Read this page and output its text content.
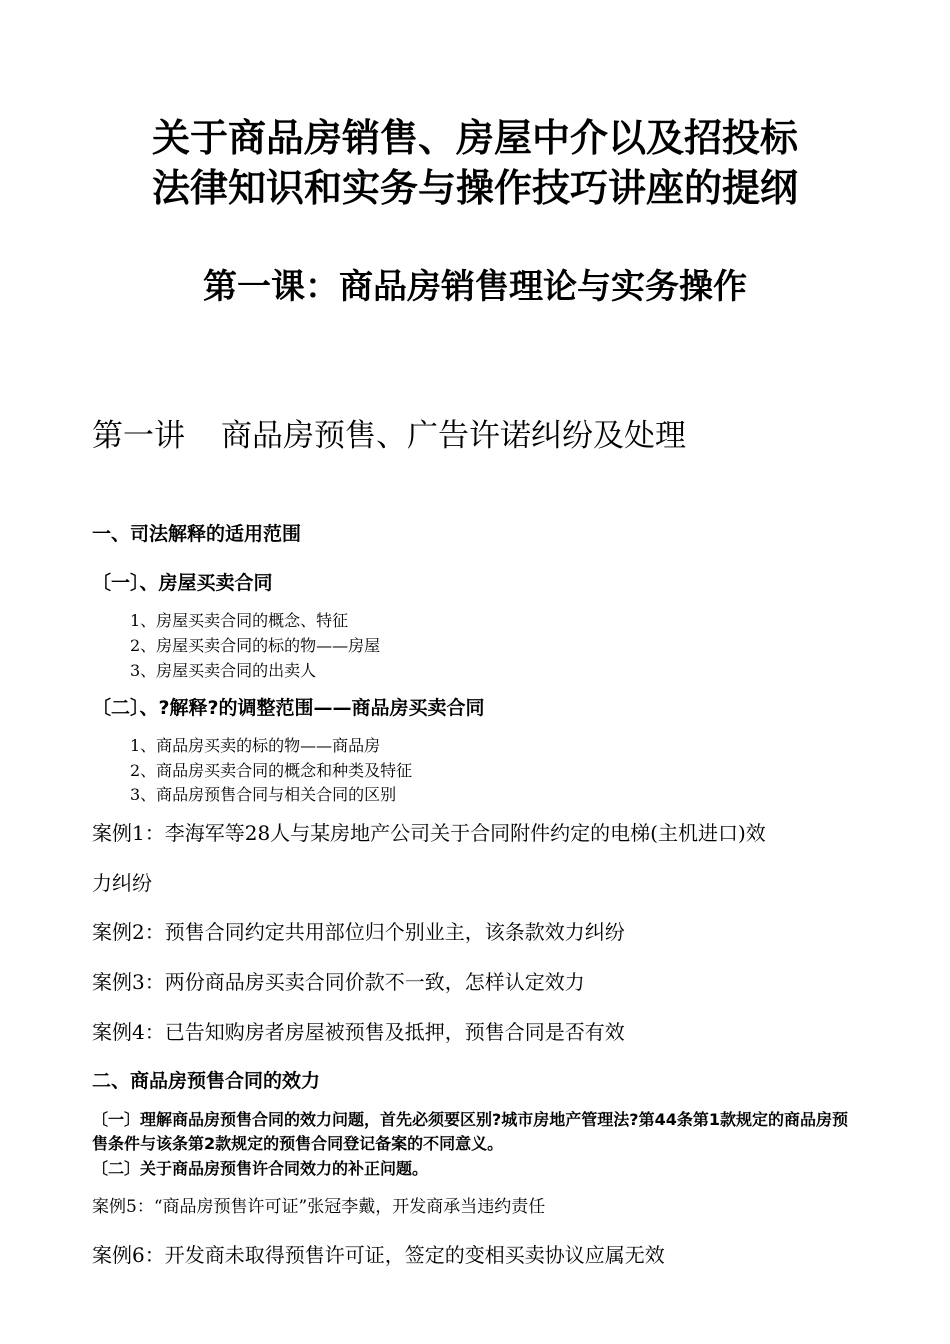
关于商品房销售、房屋中介以及招投标
法律知识和实务与操作技巧讲座的提纲
第一课：商品房销售理论与实务操作
第一讲 商品房预售、广告许诺纠纷及处理
一、司法解释的适用范围
〔一〕、房屋买卖合同
1、房屋买卖合同的概念、特征
2、房屋买卖合同的标的物——房屋
3、房屋买卖合同的出卖人
〔二〕、?解释?的调整范围——商品房买卖合同
1、商品房买卖的标的物——商品房
2、商品房买卖合同的概念和种类及特征
3、商品房预售合同与相关合同的区别
案例1：李海军等28人与某房地产公司关于合同附件约定的电梯(主机进口)效
力纠纷
案例2：预售合同约定共用部位归个别业主，该条款效力纠纷
案例3：两份商品房买卖合同价款不一致，怎样认定效力
案例4：已告知购房者房屋被预售及抵押，预售合同是否有效
二、商品房预售合同的效力
〔一〕理解商品房预售合同的效力问题，首先必须要区别?城市房地产管理法?第44条第1款规定的商品房预售条件与该条第2款规定的预售合同登记备案的不同意义。
〔二〕关于商品房预售许合同效力的补正问题。
案例5：“商品房预售许可证”张冠李戴，开发商承当违约责任
案例6：开发商未取得预售许可证，签定的变相买卖协议应属无效
